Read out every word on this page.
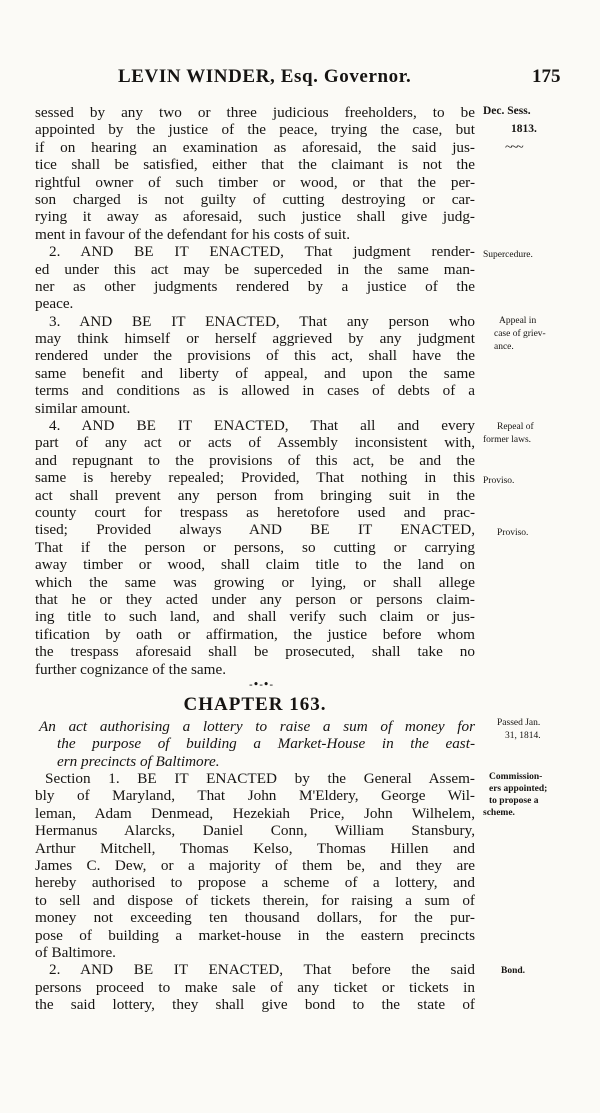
LEVIN WINDER, Esq. Governor.	175
sessed by any two or three judicious freeholders, to be
appointed by the justice of the peace, trying the case, but
if on hearing an examination as aforesaid, the said jus-
tice shall be satisfied, either that the claimant is not the
rightful owner of such timber or wood, or that the per-
son charged is not guilty of cutting destroying or car-
rying it away as aforesaid, such justice shall give judg-
ment in favour of the defendant for his costs of suit.
2. AND BE IT ENACTED, That judgment render-
ed under this act may be superceded in the same man-
ner as other judgments rendered by a justice of the
peace.
3. AND BE IT ENACTED, That any person who
may think himself or herself aggrieved by any judgment
rendered under the provisions of this act, shall have the
same benefit and liberty of appeal, and upon the same
terms and conditions as is allowed in cases of debts of a
similar amount.
4. AND BE IT ENACTED, That all and every
part of any act or acts of Assembly inconsistent with,
and repugnant to the provisions of this act, be and the
same is hereby repealed; Provided, That nothing in this
act shall prevent any person from bringing suit in the
county court for trespass as heretofore used and prac-
tised; Provided always AND BE IT ENACTED,
That if the person or persons, so cutting or carrying
away timber or wood, shall claim title to the land on
which the same was growing or lying, or shall allege
that he or they acted under any person or persons claim-
ing title to such land, and shall verify such claim or jus-
tification by oath or affirmation, the justice before whom
the trespass aforesaid shall be prosecuted, shall take no
further cognizance of the same.
-•-•-
CHAPTER 163.
An act authorising a lottery to raise a sum of money for
the purpose of building a Market-House in the east-
ern precincts of Baltimore.
Section 1. BE IT ENACTED by the General Assem-
bly of Maryland, That John M'Eldery, George Wil-
leman, Adam Denmead, Hezekiah Price, John Wilhelem,
Hermanus Alarcks, Daniel Conn, William Stansbury,
Arthur Mitchell, Thomas Kelso, Thomas Hillen and
James C. Dew, or a majority of them be, and they are
hereby authorised to propose a scheme of a lottery, and
to sell and dispose of tickets therein, for raising a sum of
money not exceeding ten thousand dollars, for the pur-
pose of building a market-house in the eastern precincts
of Baltimore.
2. AND BE IT ENACTED, That before the said
persons proceed to make sale of any ticket or tickets in
the said lottery, they shall give bond to the state of
Dec. Sess.
1813.
~~~
Supercedure.
Appeal in
case of griev-
ance.
Repeal of
former laws.
Proviso.
Proviso.
Passed Jan.
31, 1814.
Commission-
ers appointed;
to propose a
scheme.
Bond.
